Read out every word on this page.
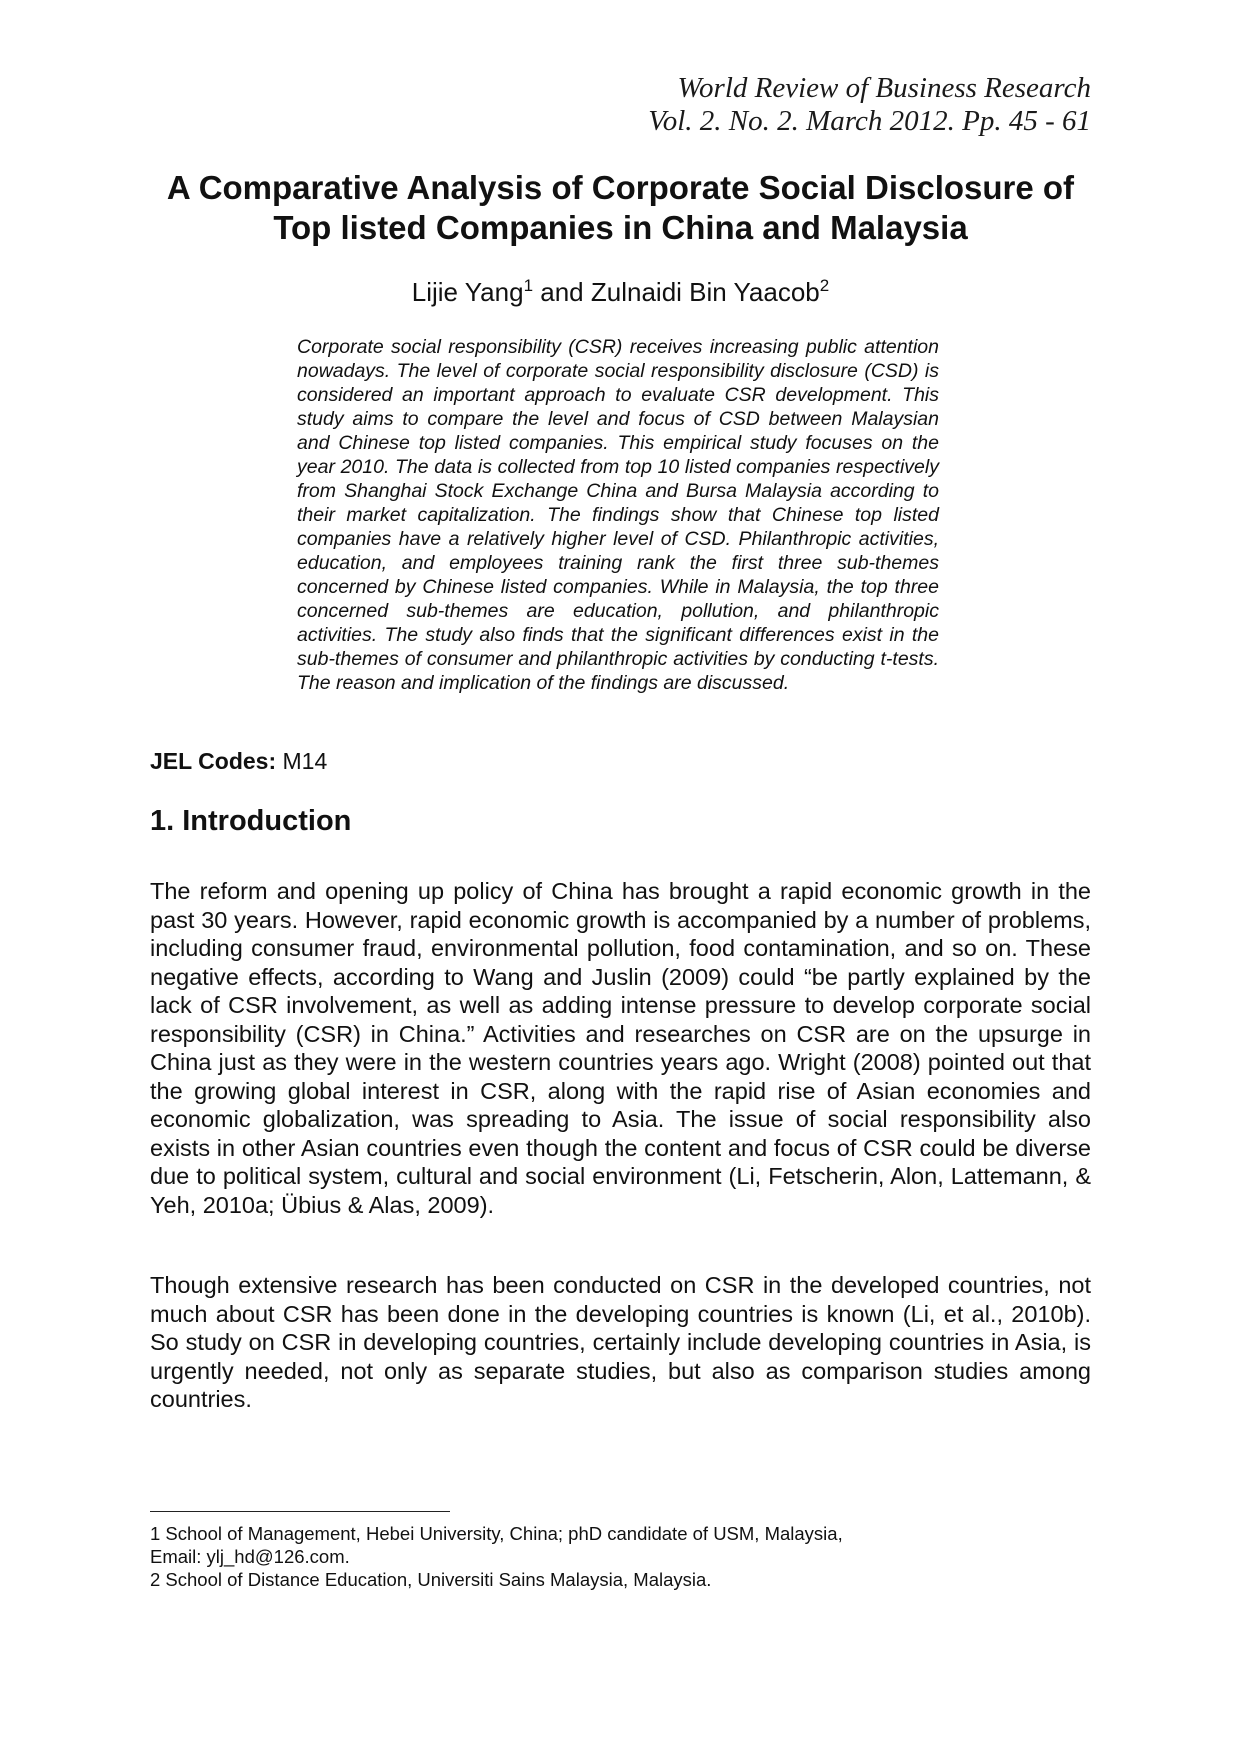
World Review of Business Research
Vol. 2. No. 2. March 2012. Pp. 45 - 61
A Comparative Analysis of Corporate Social Disclosure of Top listed Companies in China and Malaysia
Lijie Yang$^1$ and Zulnaidi Bin Yaacob$^2$
Corporate social responsibility (CSR) receives increasing public attention nowadays. The level of corporate social responsibility disclosure (CSD) is considered an important approach to evaluate CSR development. This study aims to compare the level and focus of CSD between Malaysian and Chinese top listed companies. This empirical study focuses on the year 2010. The data is collected from top 10 listed companies respectively from Shanghai Stock Exchange China and Bursa Malaysia according to their market capitalization. The findings show that Chinese top listed companies have a relatively higher level of CSD. Philanthropic activities, education, and employees training rank the first three sub-themes concerned by Chinese listed companies. While in Malaysia, the top three concerned sub-themes are education, pollution, and philanthropic activities. The study also finds that the significant differences exist in the sub-themes of consumer and philanthropic activities by conducting t-tests. The reason and implication of the findings are discussed.
JEL Codes: M14
1. Introduction
The reform and opening up policy of China has brought a rapid economic growth in the past 30 years. However, rapid economic growth is accompanied by a number of problems, including consumer fraud, environmental pollution, food contamination, and so on. These negative effects, according to Wang and Juslin (2009) could “be partly explained by the lack of CSR involvement, as well as adding intense pressure to develop corporate social responsibility (CSR) in China.” Activities and researches on CSR are on the upsurge in China just as they were in the western countries years ago. Wright (2008) pointed out that the growing global interest in CSR, along with the rapid rise of Asian economies and economic globalization, was spreading to Asia. The issue of social responsibility also exists in other Asian countries even though the content and focus of CSR could be diverse due to political system, cultural and social environment (Li, Fetscherin, Alon, Lattemann, & Yeh, 2010a; Übius & Alas, 2009).
Though extensive research has been conducted on CSR in the developed countries, not much about CSR has been done in the developing countries is known (Li, et al., 2010b). So study on CSR in developing countries, certainly include developing countries in Asia, is urgently needed, not only as separate studies, but also as comparison studies among countries.
1 School of Management, Hebei University, China; phD candidate of USM, Malaysia,
Email: ylj_hd@126.com.
2 School of Distance Education, Universiti Sains Malaysia, Malaysia.
